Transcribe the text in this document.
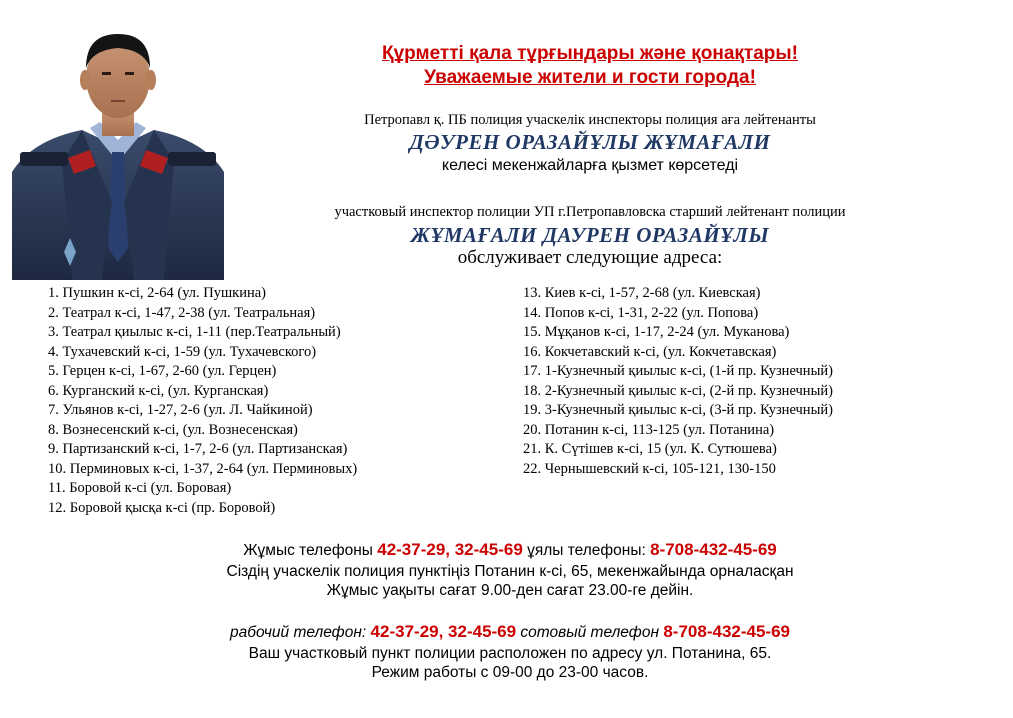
Құрметті қала тұрғындары және қонақтары!
Уважаемые жители и гости города!
Петропавл қ. ПБ полиция учаскелік инспекторы полиция аға лейтенанты
ДӘУРЕН ОРАЗАЙҰЛЫ ЖҰМАҒАЛИ
келесі мекенжайларға қызмет көрсетеді
участковый инспектор полиции УП г.Петропавловска старший лейтенант полиции
ЖҰМАҒАЛИ ДАУРЕН ОРАЗАЙҰЛЫ
обслуживает следующие адреса:
1. Пушкин к-сі, 2-64 (ул. Пушкина)
2. Театрал к-сі, 1-47, 2-38 (ул. Театральная)
3. Театрал қиылыс к-сі, 1-11 (пер.Театральный)
4. Тухачевский к-сі, 1-59 (ул. Тухачевского)
5. Герцен к-сі, 1-67, 2-60 (ул. Герцен)
6. Курганский к-сі, (ул. Курганская)
7. Ульянов к-сі, 1-27, 2-6 (ул. Л. Чайкиной)
8. Вознесенский к-сі, (ул. Вознесенская)
9. Партизанский к-сі, 1-7, 2-6 (ул. Партизанская)
10. Перминовых к-сі, 1-37, 2-64 (ул. Перминовых)
11. Боровой к-сі (ул. Боровая)
12. Боровой қысқа к-сі (пр. Боровой)
13. Киев к-сі, 1-57, 2-68 (ул. Киевская)
14. Попов к-сі, 1-31, 2-22 (ул. Попова)
15. Мұқанов к-сі, 1-17, 2-24 (ул. Муканова)
16. Кокчетавский к-сі, (ул. Кокчетавская)
17. 1-Кузнечный қиылыс к-сі, (1-й пр. Кузнечный)
18. 2-Кузнечный қиылыс к-сі, (2-й пр. Кузнечный)
19. 3-Кузнечный қиылыс к-сі, (3-й пр. Кузнечный)
20. Потанин к-сі, 113-125 (ул. Потанина)
21. К. Сүтішев к-сі, 15 (ул. К. Сутюшева)
22. Чернышевский к-сі, 105-121, 130-150
Жұмыс телефоны 42-37-29, 32-45-69 ұялы телефоны: 8-708-432-45-69
Сіздің учаскелік полиция пунктіңіз Потанин к-сі, 65, мекенжайында орналасқан
Жұмыс уақыты сағат 9.00-ден сағат 23.00-ге дейін.
рабочий телефон: 42-37-29, 32-45-69 сотовый телефон 8-708-432-45-69
Ваш участковый пункт полиции расположен по адресу ул. Потанина, 65.
Режим работы с 09-00 до 23-00 часов.
